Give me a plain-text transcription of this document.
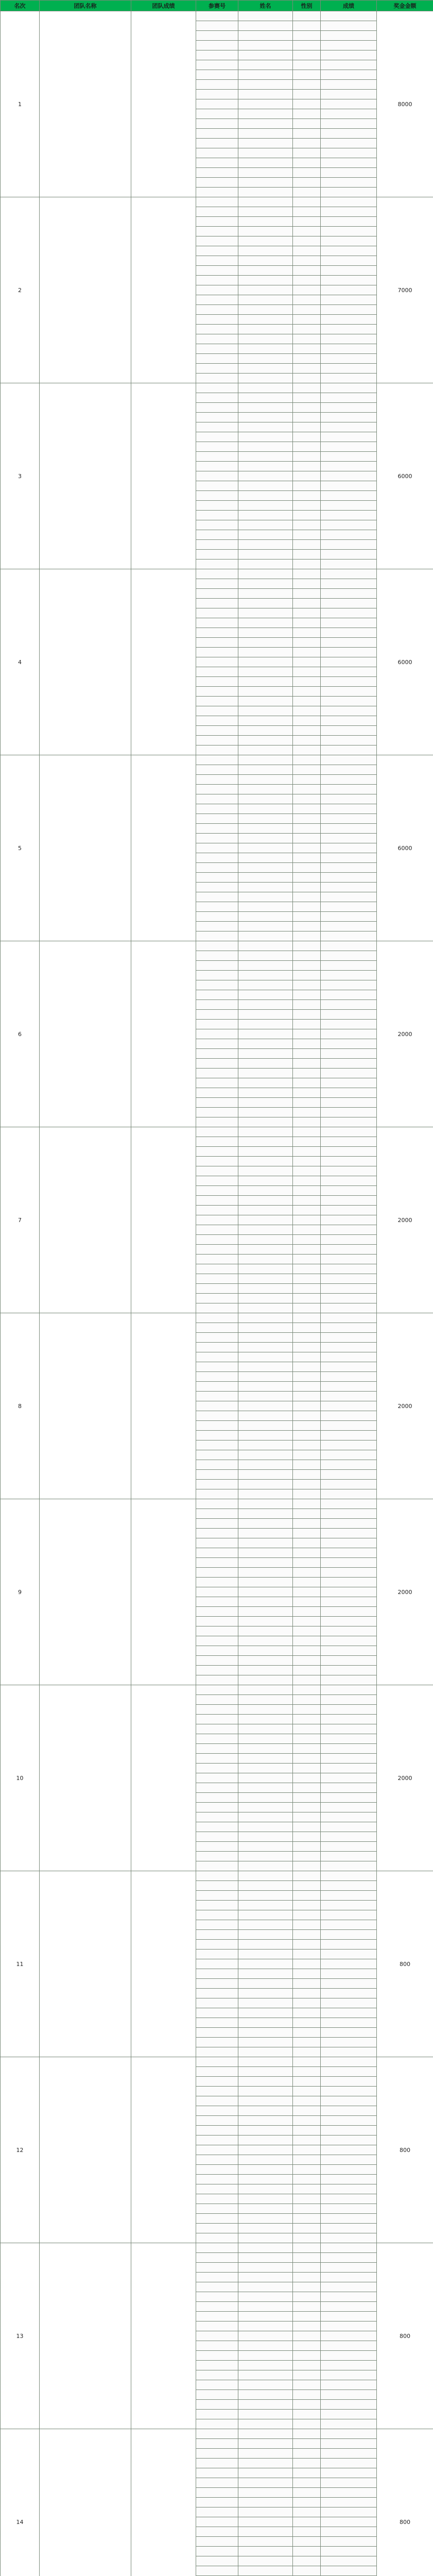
名次	团队名称	团队成绩	参赛号	姓名	性别	成绩	奖金金额
1							8000

2							7000

3							6000

4							6000

5							6000

6							2000

7							2000

8							2000

9							2000

10							2000

11							800

12							800

13							800

14							800
